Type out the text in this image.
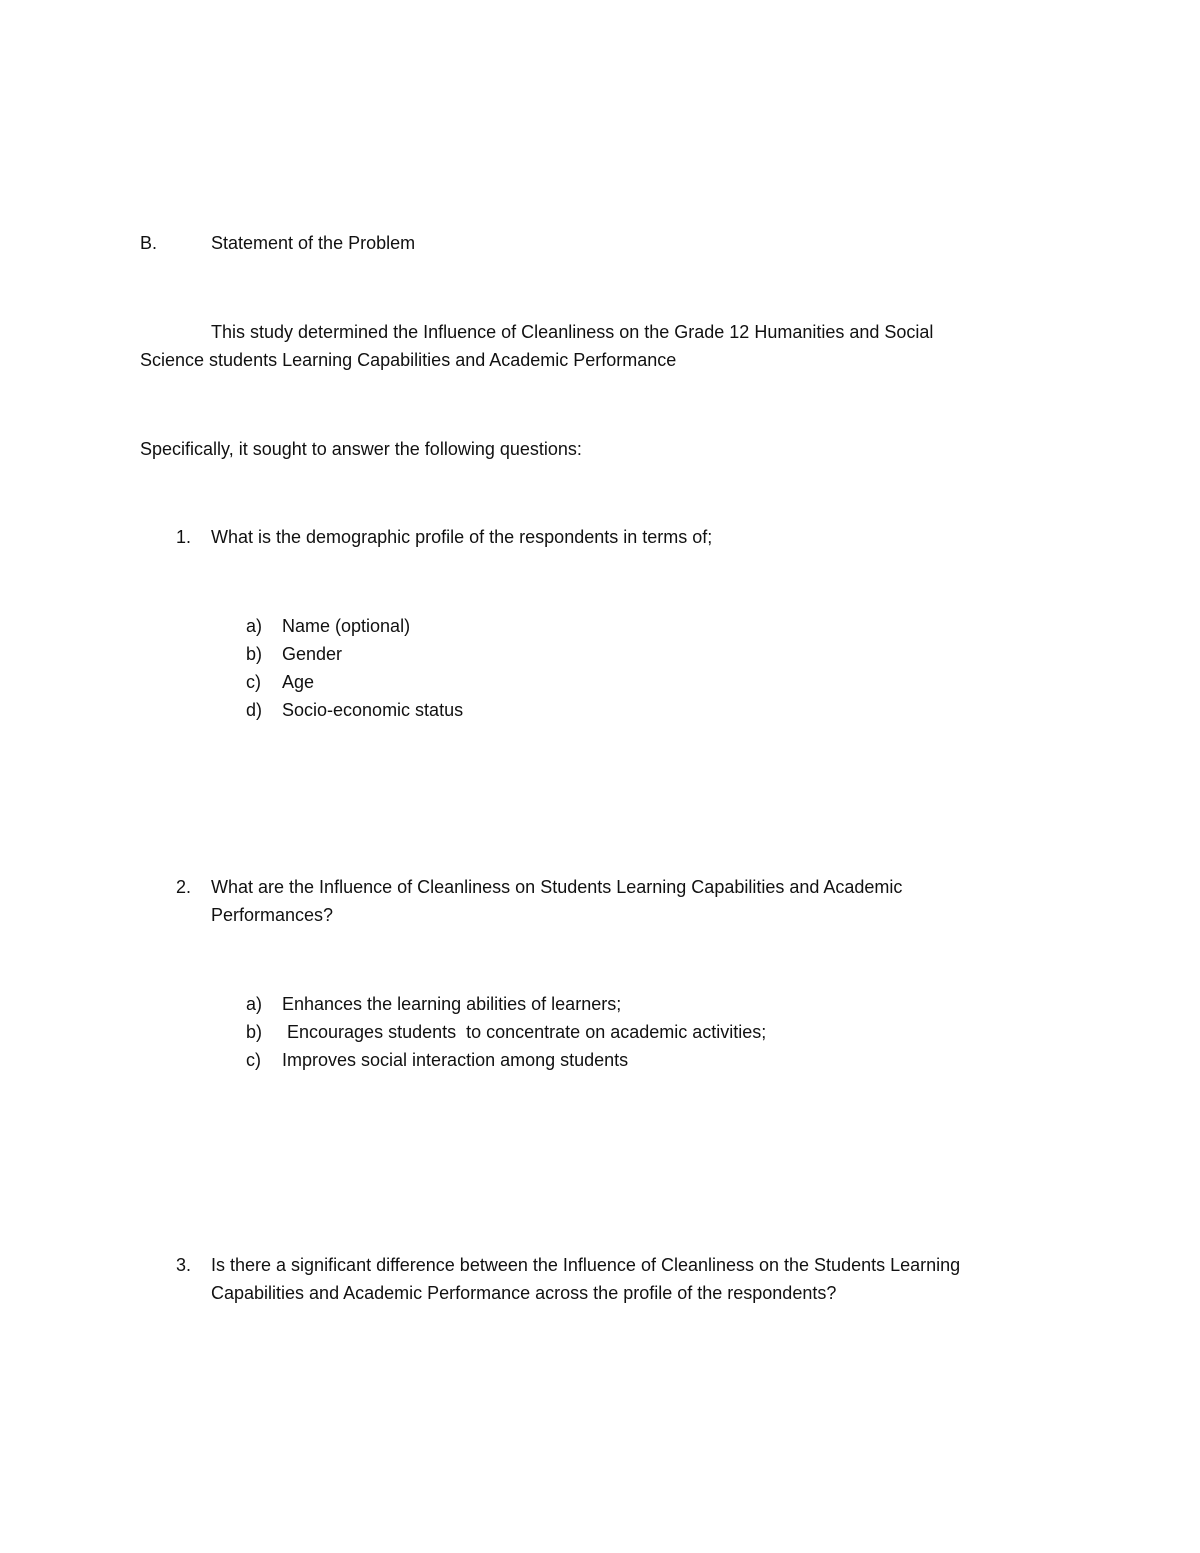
B.	Statement of the Problem
This study determined the Influence of Cleanliness on the Grade 12 Humanities and Social
Science students Learning Capabilities and Academic Performance
Specifically, it sought to answer the following questions:
1. What is the demographic profile of the respondents in terms of;
a) Name (optional)
b) Gender
c) Age
d) Socio-economic status
2. What are the Influence of Cleanliness on Students Learning Capabilities and Academic
Performances?
a) Enhances the learning abilities of learners;
b) Encourages students  to concentrate on academic activities;
c) Improves social interaction among students
3. Is there a significant difference between the Influence of Cleanliness on the Students Learning
Capabilities and Academic Performance across the profile of the respondents?
